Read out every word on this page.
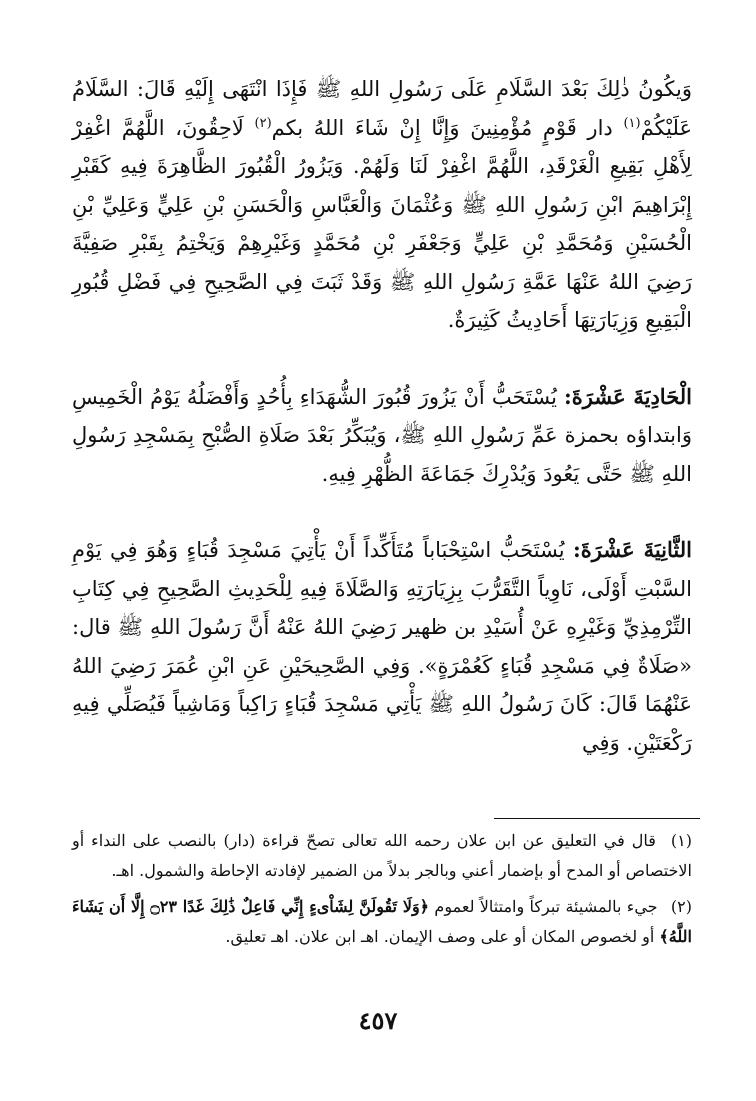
وَيكُونُ ذٰلِكَ بَعْدَ السَّلَامِ عَلَى رَسُولِ اللهِ ﷺ فَإِذَا انْتَهَى إِلَيْهِ قَالَ: السَّلَامُ عَلَيْكُمْ$^{(١)}$ دار قَوْمٍ مُؤْمِنِينَ وَإِنَّا إِنْ شَاءَ اللهُ بكم$^{(٢)}$ لَاحِقُونَ، اللَّهُمَّ اغْفِرْ لِأَهْلِ بَقِيعِ الْغَرْقَدِ، اللَّهُمَّ اغْفِرْ لَنَا وَلَهُمْ. وَيَزُورُ الْقُبُورَ الظَّاهِرَةَ فِيهِ كَقَبْرِ إِبْرَاهِيمَ ابْنِ رَسُولِ اللهِ ﷺ وَعُثْمَانَ وَالْعَبَّاسِ وَالْحَسَنِ بْنِ عَلِيٍّ وَعَلِيِّ بْنِ الْحُسَيْنِ وَمُحَمَّدِ بْنِ عَلِيٍّ وَجَعْفَرِ بْنِ مُحَمَّدٍ وَغَيْرِهِمْ وَيَخْتِمُ بِقَبْرِ صَفِيَّةَ رَضِيَ اللهُ عَنْهَا عَمَّةِ رَسُولِ اللهِ ﷺ وَقَدْ ثَبَتَ فِي الصَّحِيحِ فِي فَضْلِ قُبُورِ الْبَقِيعِ وَزِيَارَتِهَا أَحَادِيثُ كَثِيرَةٌ.

الْحَادِيَةَ عَشْرَةَ: يُسْتَحَبُّ أَنْ يَزُورَ قُبُورَ الشُّهَدَاءِ بِأُحُدٍ وَأَفْضَلُهُ يَوْمُ الْخَمِيسِ وَابتداؤه بحمزة عَمِّ رَسُولِ اللهِ ﷺ، وَيُبَكِّرُ بَعْدَ صَلَاةِ الصُّبْحِ بِمَسْجِدِ رَسُولِ اللهِ ﷺ حَتَّى يَعُودَ وَيُدْرِكَ جَمَاعَةَ الظُّهْرِ فِيهِ.

الثَّانِيَةَ عَشْرَةَ: يُسْتَحَبُّ اسْتِحْبَاباً مُتَأَكِّداً أَنْ يَأْتِيَ مَسْجِدَ قُبَاءٍ وَهُوَ فِي يَوْمِ السَّبْتِ أَوْلَى، نَاوِياً التَّقَرُّبَ بِزِيَارَتِهِ وَالصَّلَاةَ فِيهِ لِلْحَدِيثِ الصَّحِيحِ فِي كِتَابِ التِّرْمِذِيِّ وَغَيْرِهِ عَنْ أُسَيْدِ بن ظهير رَضِيَ اللهُ عَنْهُ أَنَّ رَسُولَ اللهِ ﷺ قال: «صَلَاةٌ فِي مَسْجِدِ قُبَاءٍ كَعُمْرَةٍ». وَفِي الصَّحِيحَيْنِ عَنِ ابْنِ عُمَرَ رَضِيَ اللهُ عَنْهُمَا قَالَ: كَانَ رَسُولُ اللهِ ﷺ يَأْتِي مَسْجِدَ قُبَاءٍ رَاكِباً وَمَاشِياً فَيُصَلِّي فِيهِ رَكْعَتَيْنِ. وَفِي

(١) قال في التعليق عن ابن علان رحمه الله تعالى تصحّ قراءة (دار) بالنصب على النداء أو الاختصاص أو المدح أو بإضمار أعني وبالجر بدلاً من الضمير لإفادته الإحاطة والشمول. اهـ.

(٢) جيء بالمشيئة تبركاً وامتثالاً لعموم ﴿وَلَا تَقُولَنَّ لِشَاْىءٍ إِنِّي فَاعِلٌ ذَٰلِكَ غَدًا ۝٢٣ إِلَّا أَن يَشَاءَ اللَّهُ﴾ أو لخصوص المكان أو على وصف الإيمان. اهـ ابن علان. اهـ تعليق.

٤٥٧
